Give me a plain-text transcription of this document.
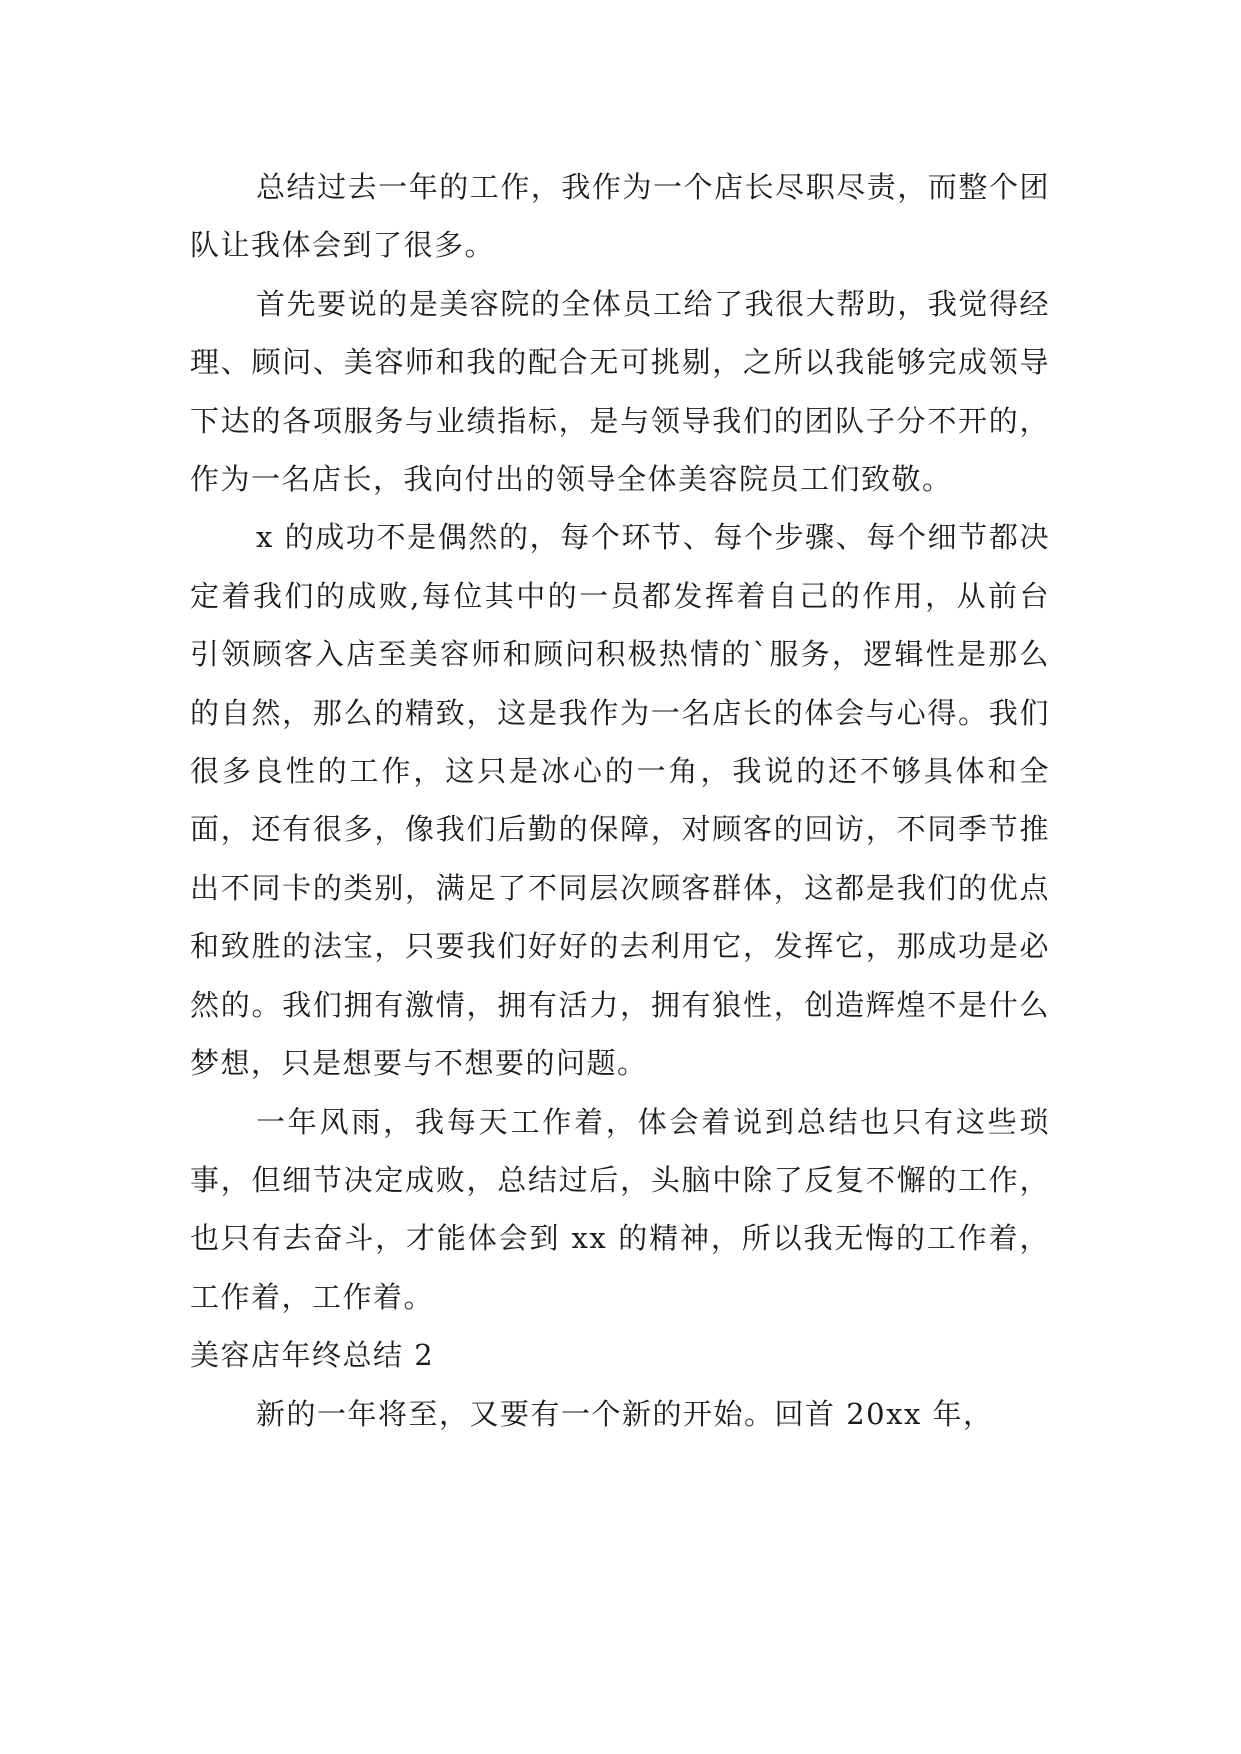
总结过去一年的工作，我作为一个店长尽职尽责，而整个团队让我体会到了很多。

首先要说的是美容院的全体员工给了我很大帮助，我觉得经理、顾问、美容师和我的配合无可挑剔，之所以我能够完成领导下达的各项服务与业绩指标，是与领导我们的团队子分不开的，作为一名店长，我向付出的领导全体美容院员工们致敬。

x 的成功不是偶然的，每个环节、每个步骤、每个细节都决定着我们的成败,每位其中的一员都发挥着自己的作用，从前台引领顾客入店至美容师和顾问积极热情的`服务，逻辑性是那么的自然，那么的精致，这是我作为一名店长的体会与心得。我们很多良性的工作，这只是冰心的一角，我说的还不够具体和全面，还有很多，像我们后勤的保障，对顾客的回访，不同季节推出不同卡的类别，满足了不同层次顾客群体，这都是我们的优点和致胜的法宝，只要我们好好的去利用它，发挥它，那成功是必然的。我们拥有激情，拥有活力，拥有狼性，创造辉煌不是什么梦想，只是想要与不想要的问题。

一年风雨，我每天工作着，体会着说到总结也只有这些琐事，但细节决定成败，总结过后，头脑中除了反复不懈的工作，也只有去奋斗，才能体会到 xx 的精神，所以我无悔的工作着，工作着，工作着。

美容店年终总结 2

新的一年将至，又要有一个新的开始。回首 20xx 年，
